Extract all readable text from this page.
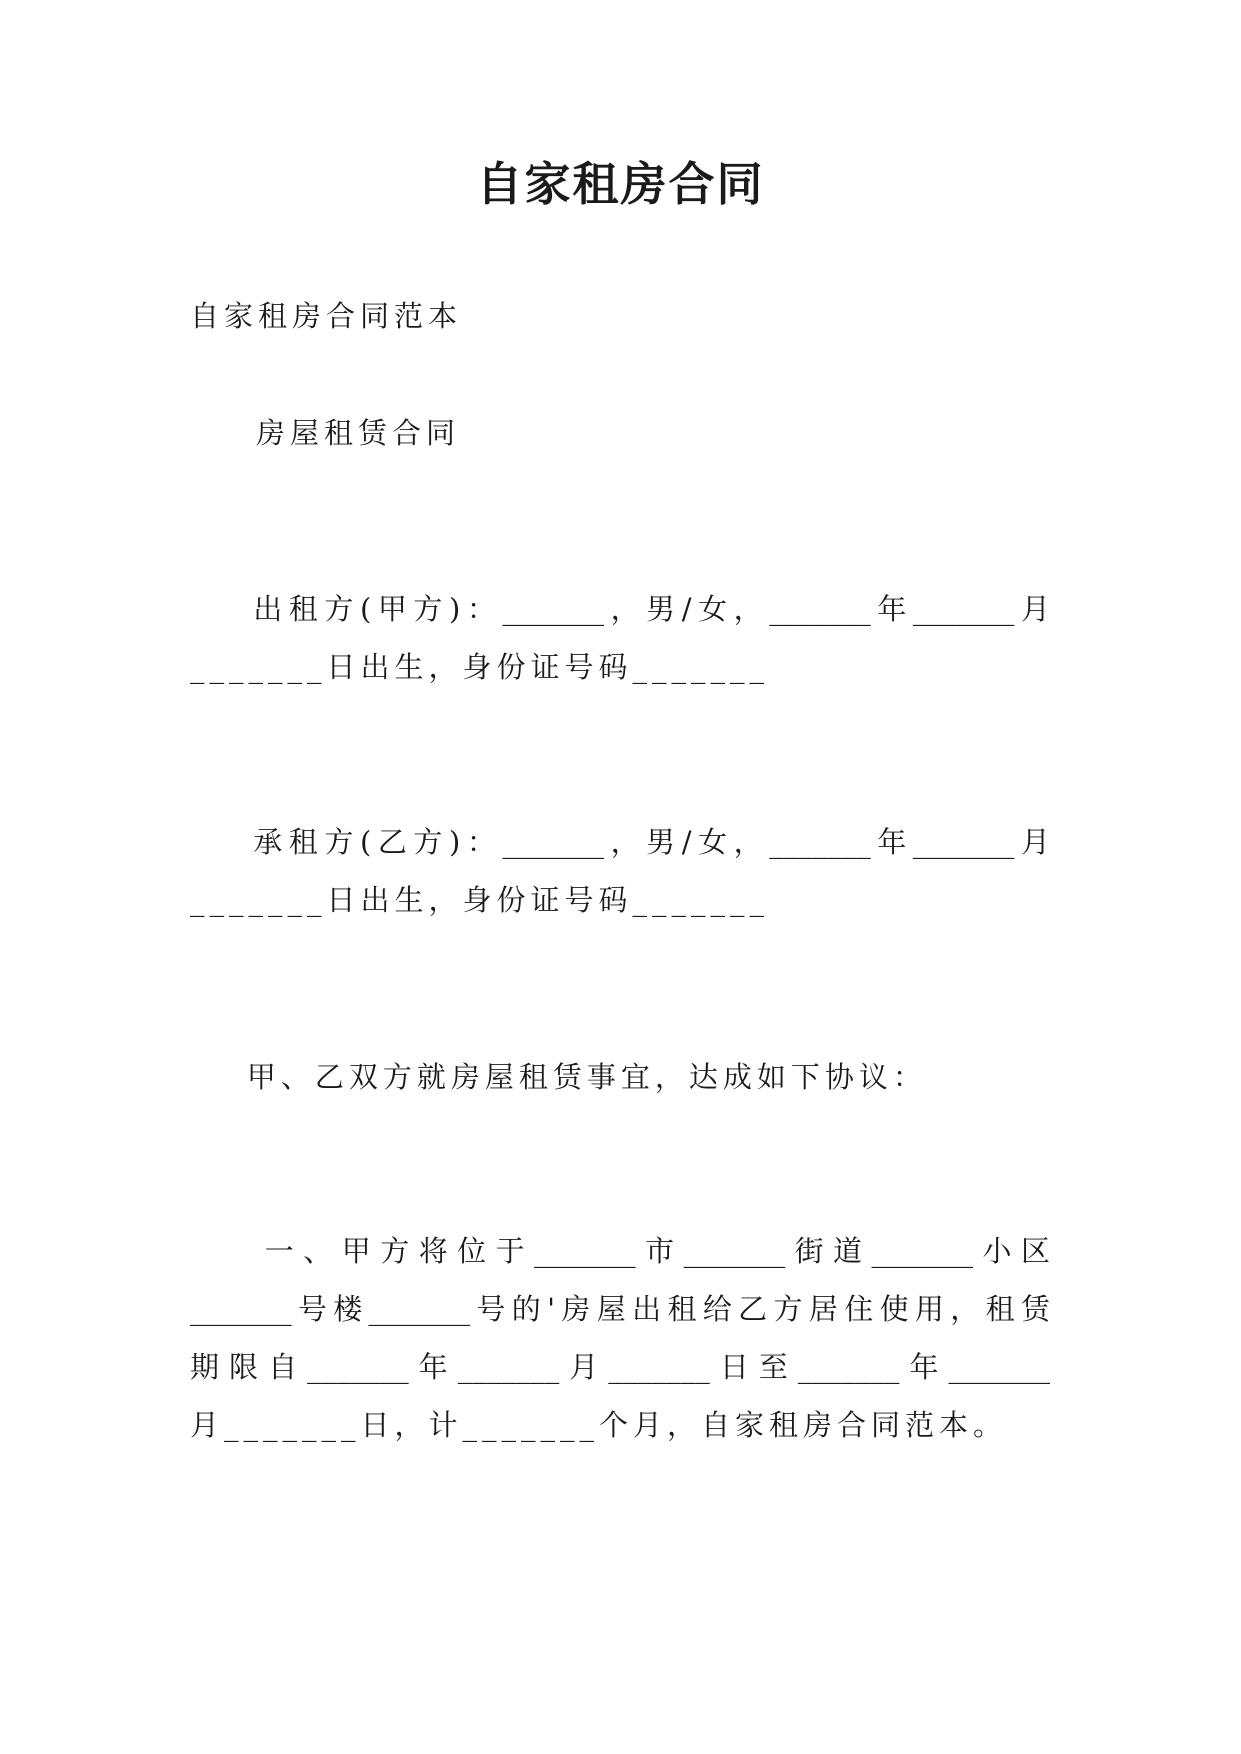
自家租房合同

自家租房合同范本

房屋租赁合同

出租方(甲方)：_______，男/女，_______年_______月
_______日出生，身份证号码_______

承租方(乙方)：_______，男/女，_______年_______月
_______日出生，身份证号码_______

甲、乙双方就房屋租赁事宜，达成如下协议：

一、甲方将位于_______市_______街道_______小区
_______号楼_______号的'房屋出租给乙方居住使用，租赁
期限自_______年_______月_______日至_______年_______
月_______日，计_______个月，自家租房合同范本。
